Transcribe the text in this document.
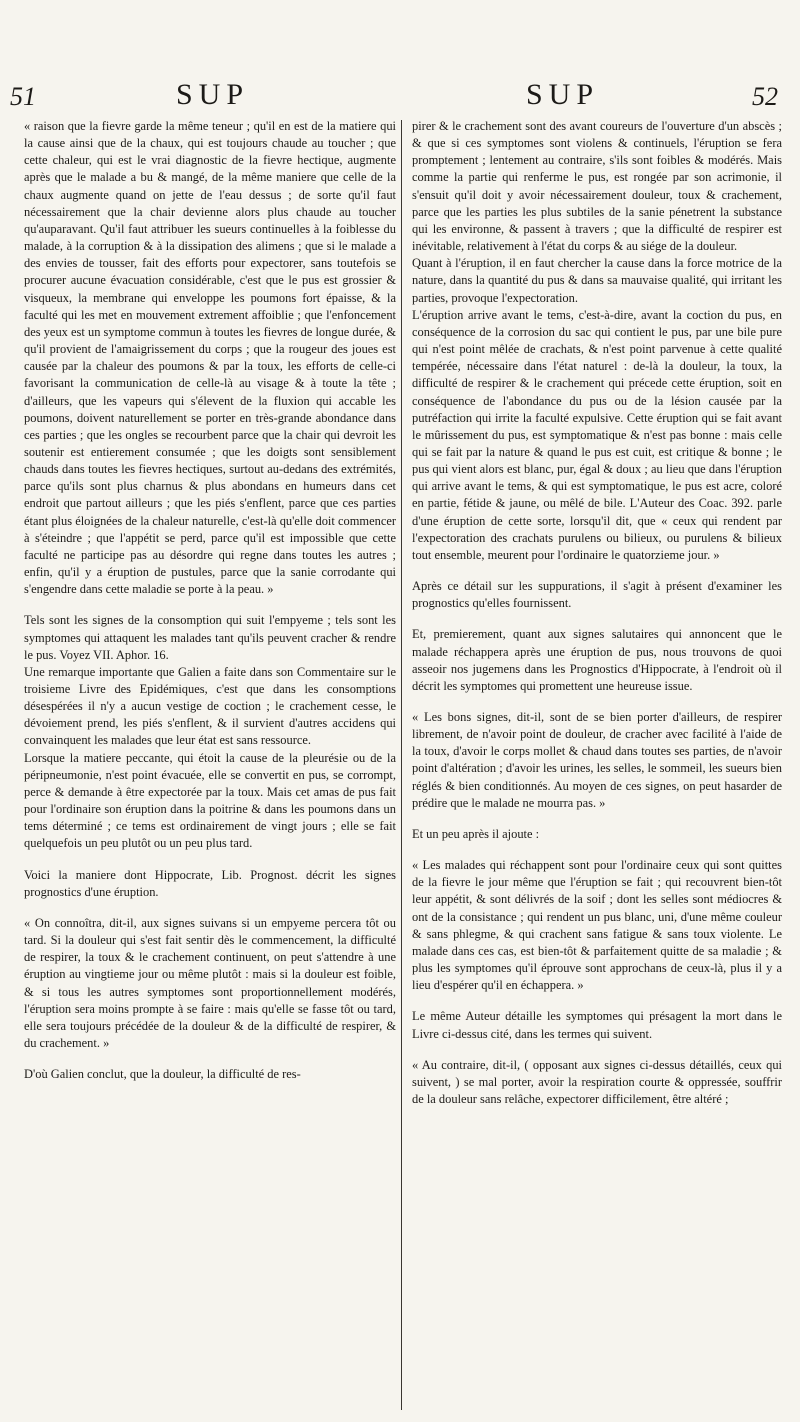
51	SUP	SUP	52

« raison que la fievre garde la même teneur ; qu'il en est de la matiere qui la cause ainsi que de la chaux, qui est toujours chaude au toucher ; que cette chaleur, qui est le vrai diagnostic de la fievre hectique, augmente après que le malade a bu & mangé, de la même maniere que celle de la chaux augmente quand on jette de l'eau dessus ; de sorte qu'il faut nécessairement que la chair devienne alors plus chaude au toucher qu'auparavant. Qu'il faut attribuer les sueurs continuelles à la foiblesse du malade, à la corruption & à la dissipation des alimens ; que si le malade a des envies de tousser, fait des efforts pour expectorer, sans toutefois se procurer aucune évacuation considérable, c'est que le pus est grossier & visqueux, la membrane qui enveloppe les poumons fort épaisse, & la faculté qui les met en mouvement extrement affoiblie ; que l'enfoncement des yeux est un symptome commun à toutes les fievres de longue durée, & qu'il provient de l'amaigrissement du corps ; que la rougeur des joues est causée par la chaleur des poumons & par la toux, les efforts de celle-ci favorisant la communication de celle-là au visage & à toute la tête ; d'ailleurs, que les vapeurs qui s'élevent de la fluxion qui accable les poumons, doivent naturellement se porter en très-grande abondance dans ces parties ; que les ongles se recourbent parce que la chair qui devroit les soutenir est entierement consumée ; que les doigts sont sensiblement chauds dans toutes les fievres hectiques, surtout au-dedans des extrémités, parce qu'ils sont plus charnus & plus abondans en humeurs dans cet endroit que partout ailleurs ; que les piés s'enflent, parce que ces parties étant plus éloignées de la chaleur naturelle, c'est-là qu'elle doit commencer à s'éteindre ; que l'appétit se perd, parce qu'il est impossible que cette faculté ne participe pas au désordre qui regne dans toutes les autres ; enfin, qu'il y a éruption de pustules, parce que la sanie corrodante qui s'engendre dans cette maladie se porte à la peau. »

Tels sont les signes de la consomption qui suit l'empyeme ; tels sont les symptomes qui attaquent les malades tant qu'ils peuvent cracher & rendre le pus. Voyez VII. Aphor. 16.

Une remarque importante que Galien a faite dans son Commentaire sur le troisieme Livre des Epidémiques, c'est que dans les consomptions désespérées il n'y a aucun vestige de coction ; le crachement cesse, le dévoiement prend, les piés s'enflent, & il survient d'autres accidens qui convainquent les malades que leur état est sans ressource.

Lorsque la matiere peccante, qui étoit la cause de la pleurésie ou de la péripneumonie, n'est point évacuée, elle se convertit en pus, se corrompt, perce & demande à être expectorée par la toux. Mais cet amas de pus fait pour l'ordinaire son éruption dans la poitrine & dans les poumons dans un tems déterminé ; ce tems est ordinairement de vingt jours ; elle se fait quelquefois un peu plutôt ou un peu plus tard.

Voici la maniere dont Hippocrate, Lib. Prognost. décrit les signes prognostics d'une éruption.

« On connoîtra, dit-il, aux signes suivans si un empyeme percera tôt ou tard. Si la douleur qui s'est fait sentir dès le commencement, la difficulté de respirer, la toux & le crachement continuent, on peut s'attendre à une éruption au vingtieme jour ou même plutôt : mais si la douleur est foible, & si tous les autres symptomes sont proportionnellement modérés, l'éruption sera moins prompte à se faire : mais qu'elle se fasse tôt ou tard, elle sera toujours précédée de la douleur & de la difficulté de respirer, & du crachement. »

D'où Galien conclut, que la douleur, la difficulté de res-

pirer & le crachement sont des avant coureurs de l'ouverture d'un abscès ; & que si ces symptomes sont violens & continuels, l'éruption se fera promptement ; lentement au contraire, s'ils sont foibles & modérés. Mais comme la partie qui renferme le pus, est rongée par son acrimonie, il s'ensuit qu'il doit y avoir nécessairement douleur, toux & crachement, parce que les parties les plus subtiles de la sanie pénetrent la substance qui les environne, & passent à travers ; que la difficulté de respirer est inévitable, relativement à l'état du corps & au siége de la douleur.

Quant à l'éruption, il en faut chercher la cause dans la force motrice de la nature, dans la quantité du pus & dans sa mauvaise qualité, qui irritant les parties, provoque l'expectoration.

L'éruption arrive avant le tems, c'est-à-dire, avant la coction du pus, en conséquence de la corrosion du sac qui contient le pus, par une bile pure qui n'est point mêlée de crachats, & n'est point parvenue à cette qualité tempérée, nécessaire dans l'état naturel : de-là la douleur, la toux, la difficulté de respirer & le crachement qui précede cette éruption, soit en conséquence de l'abondance du pus ou de la lésion causée par la putréfaction qui irrite la faculté expulsive. Cette éruption qui se fait avant le mûrissement du pus, est symptomatique & n'est pas bonne : mais celle qui se fait par la nature & quand le pus est cuit, est critique & bonne ; le pus qui vient alors est blanc, pur, égal & doux ; au lieu que dans l'éruption qui arrive avant le tems, & qui est symptomatique, le pus est acre, coloré en partie, fétide & jaune, ou mêlé de bile. L'Auteur des Coac. 392. parle d'une éruption de cette sorte, lorsqu'il dit, que « ceux qui rendent par l'expectoration des crachats purulens ou bilieux, ou purulens & bilieux tout ensemble, meurent pour l'ordinaire le quatorzieme jour. »

Après ce détail sur les suppurations, il s'agit à présent d'examiner les prognostics qu'elles fournissent.

Et, premierement, quant aux signes salutaires qui annoncent que le malade réchappera après une éruption de pus, nous trouvons de quoi asseoir nos jugemens dans les Prognostics d'Hippocrate, à l'endroit où il décrit les symptomes qui promettent une heureuse issue.

« Les bons signes, dit-il, sont de se bien porter d'ailleurs, de respirer librement, de n'avoir point de douleur, de cracher avec facilité à l'aide de la toux, d'avoir le corps mollet & chaud dans toutes ses parties, de n'avoir point d'altération ; d'avoir les urines, les selles, le sommeil, les sueurs bien réglés & bien conditionnés. Au moyen de ces signes, on peut hasarder de prédire que le malade ne mourra pas. »

Et un peu après il ajoute :

« Les malades qui réchappent sont pour l'ordinaire ceux qui sont quittes de la fievre le jour même que l'éruption se fait ; qui recouvrent bien-tôt leur appétit, & sont délivrés de la soif ; dont les selles sont médiocres & ont de la consistance ; qui rendent un pus blanc, uni, d'une même couleur & sans phlegme, & qui crachent sans fatigue & sans toux violente. Le malade dans ces cas, est bien-tôt & parfaitement quitte de sa maladie ; & plus les symptomes qu'il éprouve sont approchans de ceux-là, plus il y a lieu d'espérer qu'il en échappera. »

Le même Auteur détaille les symptomes qui présagent la mort dans le Livre ci-dessus cité, dans les termes qui suivent.

« Au contraire, dit-il, ( opposant aux signes ci-dessus détaillés, ceux qui suivent, ) se mal porter, avoir la respiration courte & oppressée, souffrir de la douleur sans relâche, expectorer difficilement, être altéré ;
